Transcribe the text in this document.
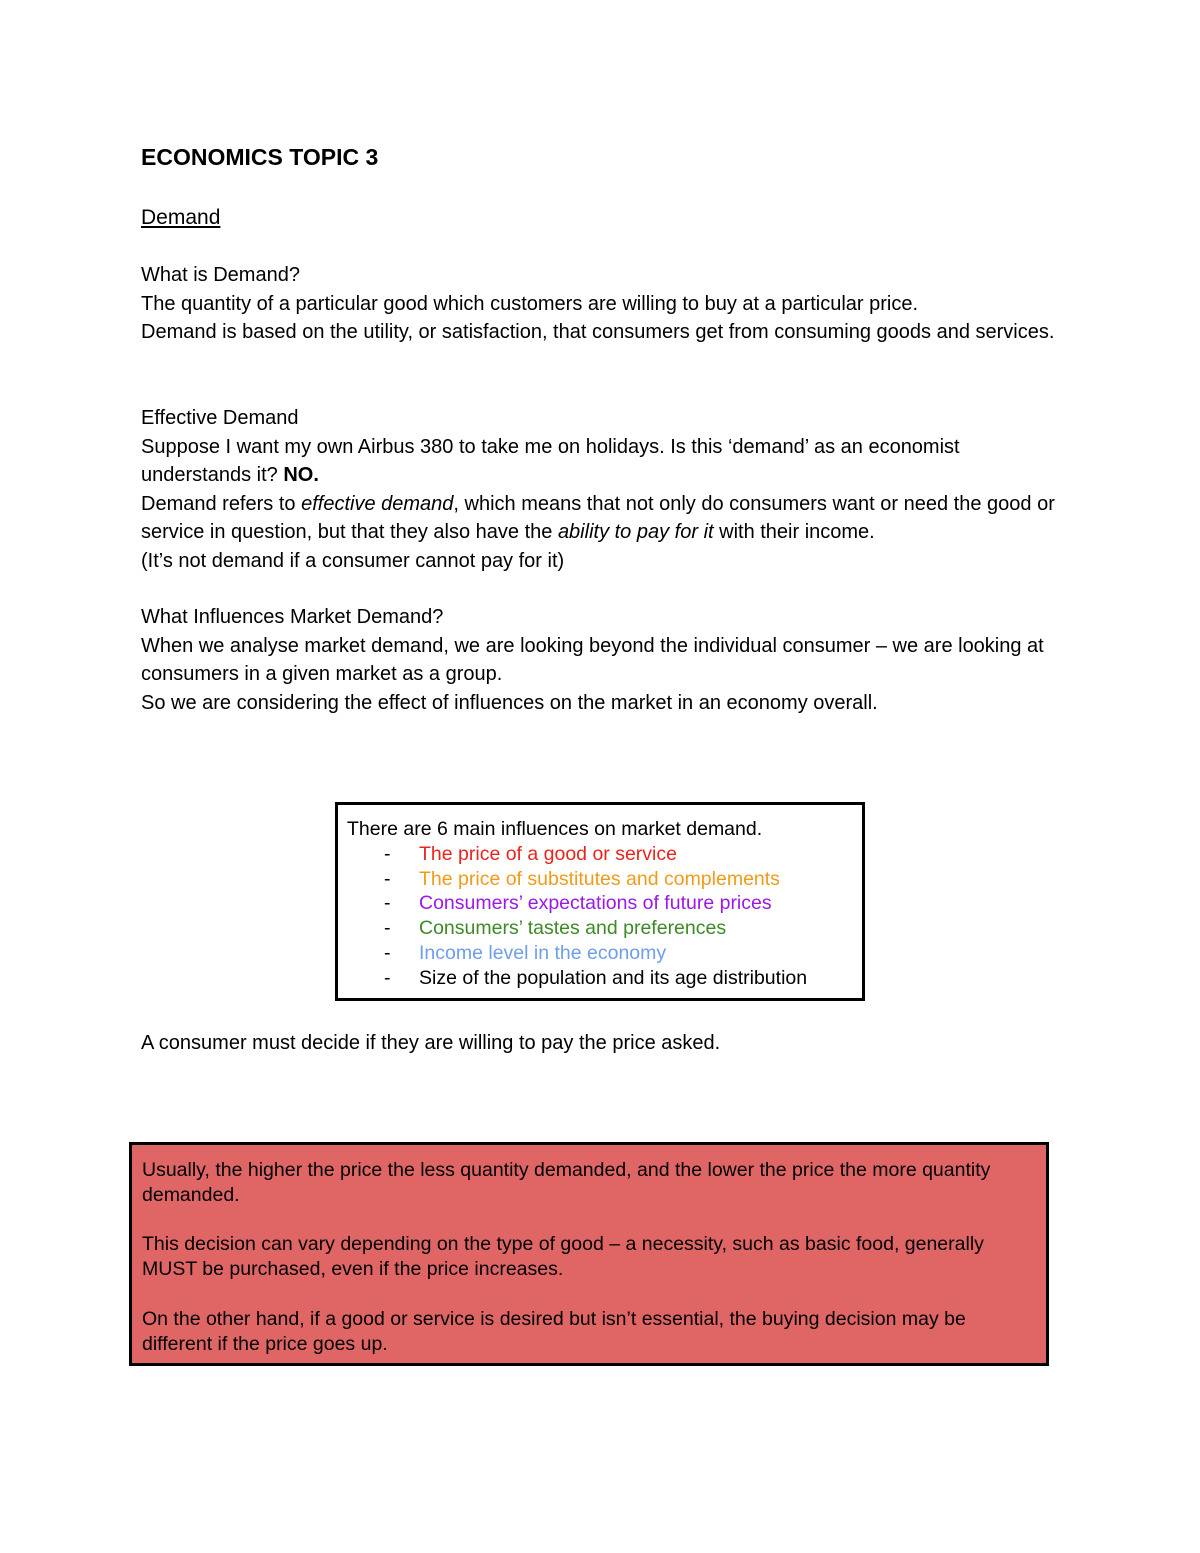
ECONOMICS TOPIC 3

Demand

What is Demand?

The quantity of a particular good which customers are willing to buy at a particular price.

Demand is based on the utility, or satisfaction, that consumers get from consuming goods and services.

Effective Demand

Suppose I want my own Airbus 380 to take me on holidays. Is this ‘demand’ as an economist understands it? NO.

Demand refers to effective demand, which means that not only do consumers want or need the good or service in question, but that they also have the ability to pay for it with their income.

(It’s not demand if a consumer cannot pay for it)

What Influences Market Demand?

When we analyse market demand, we are looking beyond the individual consumer – we are looking at consumers in a given market as a group.

So we are considering the effect of influences on the market in an economy overall.

There are 6 main influences on market demand.
- The price of a good or service
- The price of substitutes and complements
- Consumers’ expectations of future prices
- Consumers’ tastes and preferences
- Income level in the economy
- Size of the population and its age distribution

A consumer must decide if they are willing to pay the price asked.

Usually, the higher the price the less quantity demanded, and the lower the price the more quantity demanded.

This decision can vary depending on the type of good – a necessity, such as basic food, generally MUST be purchased, even if the price increases.

On the other hand, if a good or service is desired but isn’t essential, the buying decision may be different if the price goes up.
